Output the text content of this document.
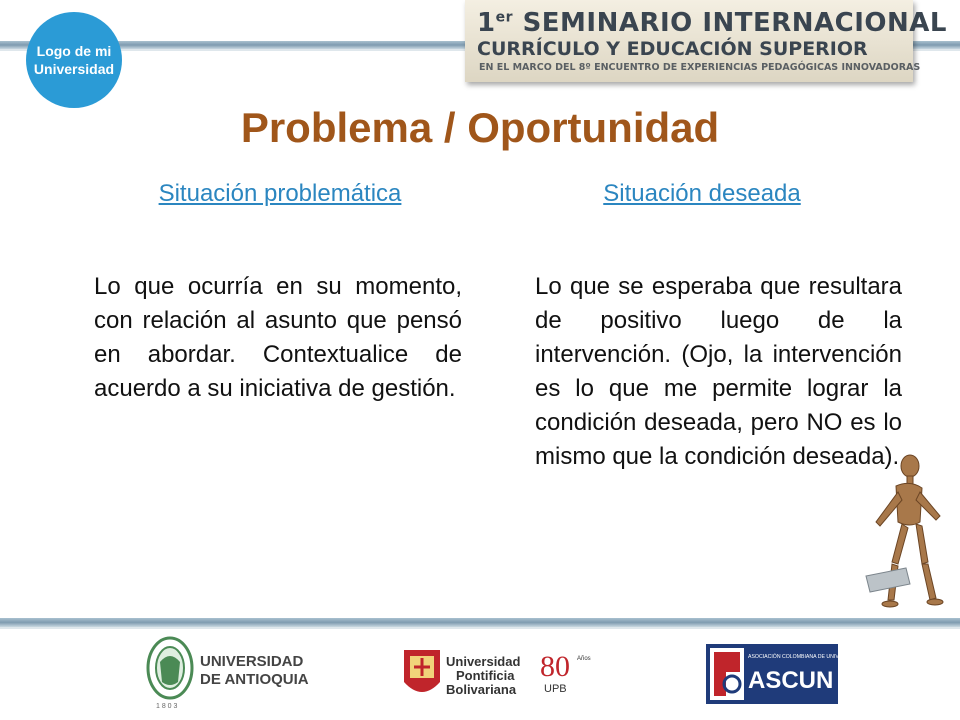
Logo de mi Universidad
1er SEMINARIO INTERNACIONAL
CURRÍCULO Y EDUCACIÓN SUPERIOR
EN EL MARCO DEL 8º ENCUENTRO DE EXPERIENCIAS PEDAGÓGICAS INNOVADORAS
Problema / Oportunidad
Situación problemática	Situación deseada
Lo que ocurría en su momento, con relación al asunto que pensó en abordar. Contextualice de acuerdo a su iniciativa de gestión.
Lo que se esperaba que resultara de positivo luego de la intervención. (Ojo, la intervención es lo que me permite lograr la condición deseada, pero NO es lo mismo que la condición deseada).
UNIVERSIDAD
DE ANTIOQUIA
1 8 0 3
Universidad
Pontificia
Bolivariana
80 Años
UPB
ASOCIACIÓN COLOMBIANA DE UNIVERSIDADES
ASCUN
